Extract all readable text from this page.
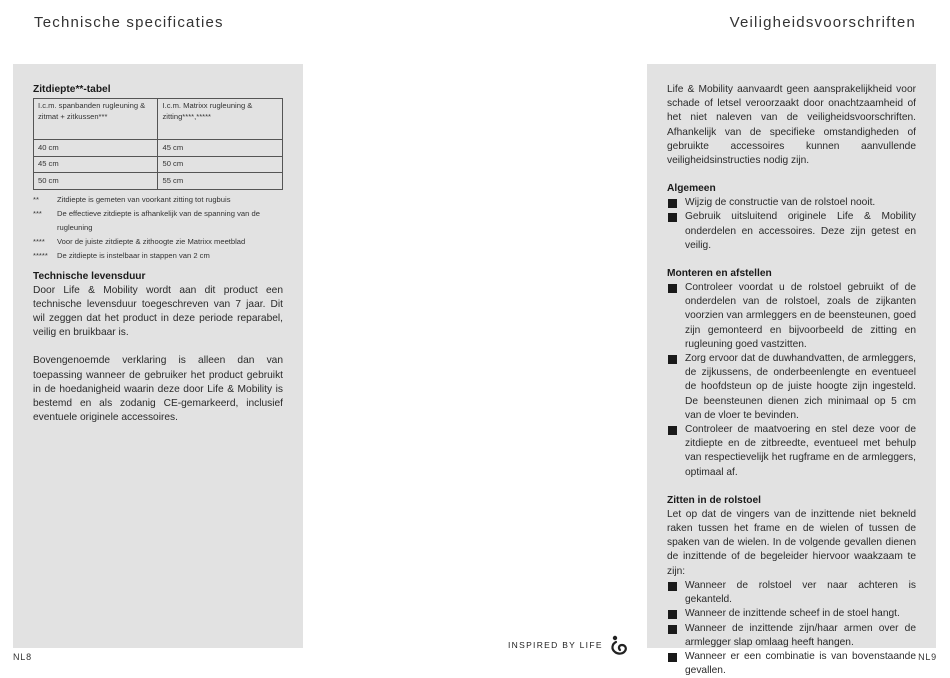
Technische specificaties	Veiligheidsvoorschriften
Zitdiepte**-tabel
I.c.m. spanbanden rugleuning & zitmat + zitkussen***	I.c.m. Matrixx rugleuning & zitting****,*****
40 cm	45 cm
45 cm	50 cm
50 cm	55 cm
**	Zitdiepte is gemeten van voorkant zitting tot rugbuis
***	De effectieve zitdiepte is afhankelijk van de spanning van de rugleuning
****	Voor de juiste zitdiepte & zithoogte zie Matrixx meetblad
*****	De zitdiepte is instelbaar in stappen van 2 cm
Technische levensduur
Door Life & Mobility wordt aan dit product een technische levensduur toegeschreven van 7 jaar. Dit wil zeggen dat het product in deze periode reparabel, veilig en bruikbaar is.
Bovengenoemde verklaring is alleen dan van toepassing wanneer de gebruiker het product gebruikt in de hoedanigheid waarin deze door Life & Mobility is bestemd en als zodanig CE-gemarkeerd, inclusief eventuele originele accessoires.
Life & Mobility aanvaardt geen aansprakelijkheid voor schade of letsel veroorzaakt door onachtzaamheid of het niet naleven van de veiligheidsvoorschriften. Afhankelijk van de specifieke omstandigheden of gebruikte accessoires kunnen aanvullende veiligheidsinstructies nodig zijn.
Algemeen
Wijzig de constructie van de rolstoel nooit.
Gebruik uitsluitend originele Life & Mobility onderdelen en accessoires. Deze zijn getest en veilig.
Monteren en afstellen
Controleer voordat u de rolstoel gebruikt of de onderdelen van de rolstoel, zoals de zijkanten voorzien van armleggers en de beensteunen, goed zijn gemonteerd en bijvoorbeeld de zitting en rugleuning goed vastzitten.
Zorg ervoor dat de duwhandvatten, de armleggers, de zijkussens, de onderbeenlengte en eventueel de hoofdsteun op de juiste hoogte zijn ingesteld. De beensteunen dienen zich minimaal op 5 cm van de vloer te bevinden.
Controleer de maatvoering en stel deze voor de zitdiepte en de zitbreedte, eventueel met behulp van respectievelijk het rugframe en de armleggers, optimaal af.
Zitten in de rolstoel
Let op dat de vingers van de inzittende niet bekneld raken tussen het frame en de wielen of tussen de spaken van de wielen. In de volgende gevallen dienen de inzittende of de begeleider hiervoor waakzaam te zijn:
Wanneer de rolstoel ver naar achteren is gekanteld.
Wanneer de inzittende scheef in de stoel hangt.
Wanneer de inzittende zijn/haar armen over de armlegger slap omlaag heeft hangen.
Wanneer er een combinatie is van bovenstaande gevallen.
INSPIRED BY LIFE
NL8	NL9
